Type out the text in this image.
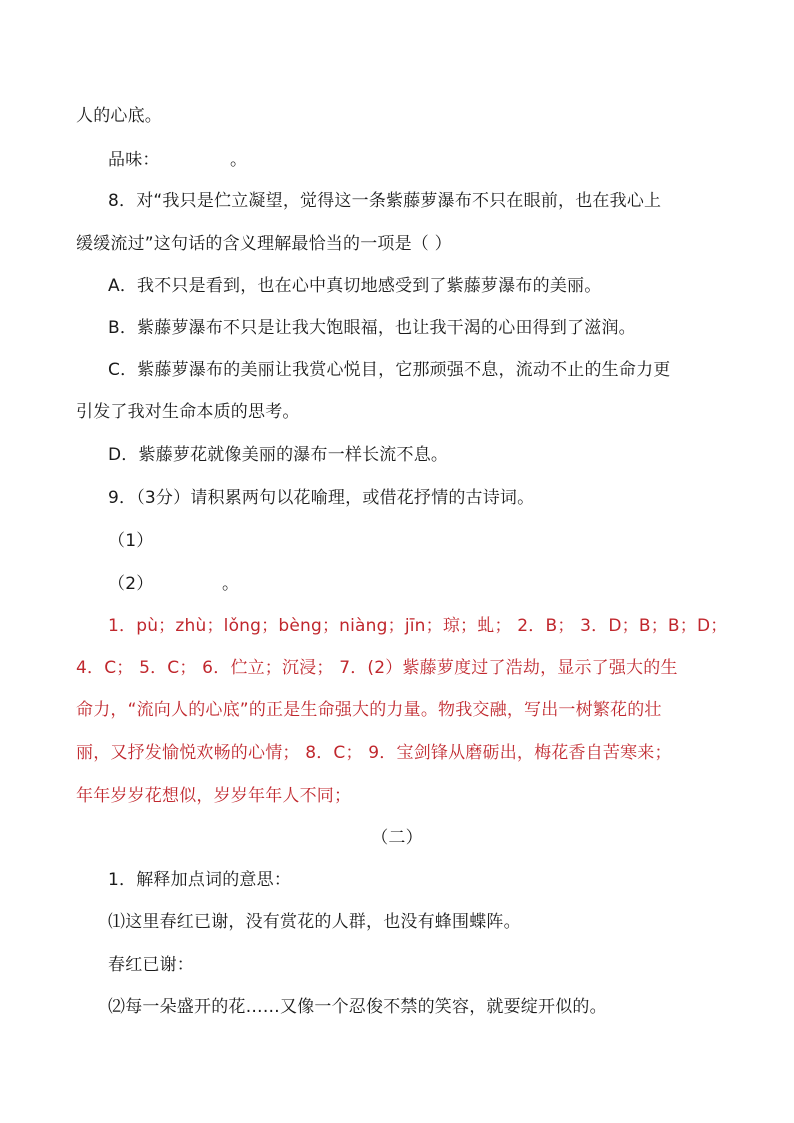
人的心底。
品味：	。
8．对“我只是伫立凝望，觉得这一条紫藤萝瀑布不只在眼前，也在我心上
缓缓流过”这句话的含义理解最恰当的一项是（ ）
A．我不只是看到，也在心中真切地感受到了紫藤萝瀑布的美丽。
B．紫藤萝瀑布不只是让我大饱眼福，也让我干渴的心田得到了滋润。
C．紫藤萝瀑布的美丽让我赏心悦目，它那顽强不息，流动不止的生命力更
引发了我对生命本质的思考。
D．紫藤萝花就像美丽的瀑布一样长流不息。
9．（3分）请积累两句以花喻理，或借花抒情的古诗词。
（1）
（2）	。
1．pù；zhù；lǒng；bèng；niàng；jīn；琼；虬； 2．B； 3．D；B；B；D；
4．C； 5．C； 6．伫立；沉浸； 7．(2）紫藤萝度过了浩劫，显示了强大的生
命力，“流向人的心底”的正是生命强大的力量。物我交融，写出一树繁花的壮
丽，又抒发愉悦欢畅的心情； 8．C； 9．宝剑锋从磨砺出，梅花香自苦寒来；
年年岁岁花想似，岁岁年年人不同；
（二）
1．解释加点词的意思：
⑴这里春红已谢，没有赏花的人群，也没有蜂围蝶阵。
春红已谢：
⑵每一朵盛开的花……又像一个忍俊不禁的笑容，就要绽开似的。
